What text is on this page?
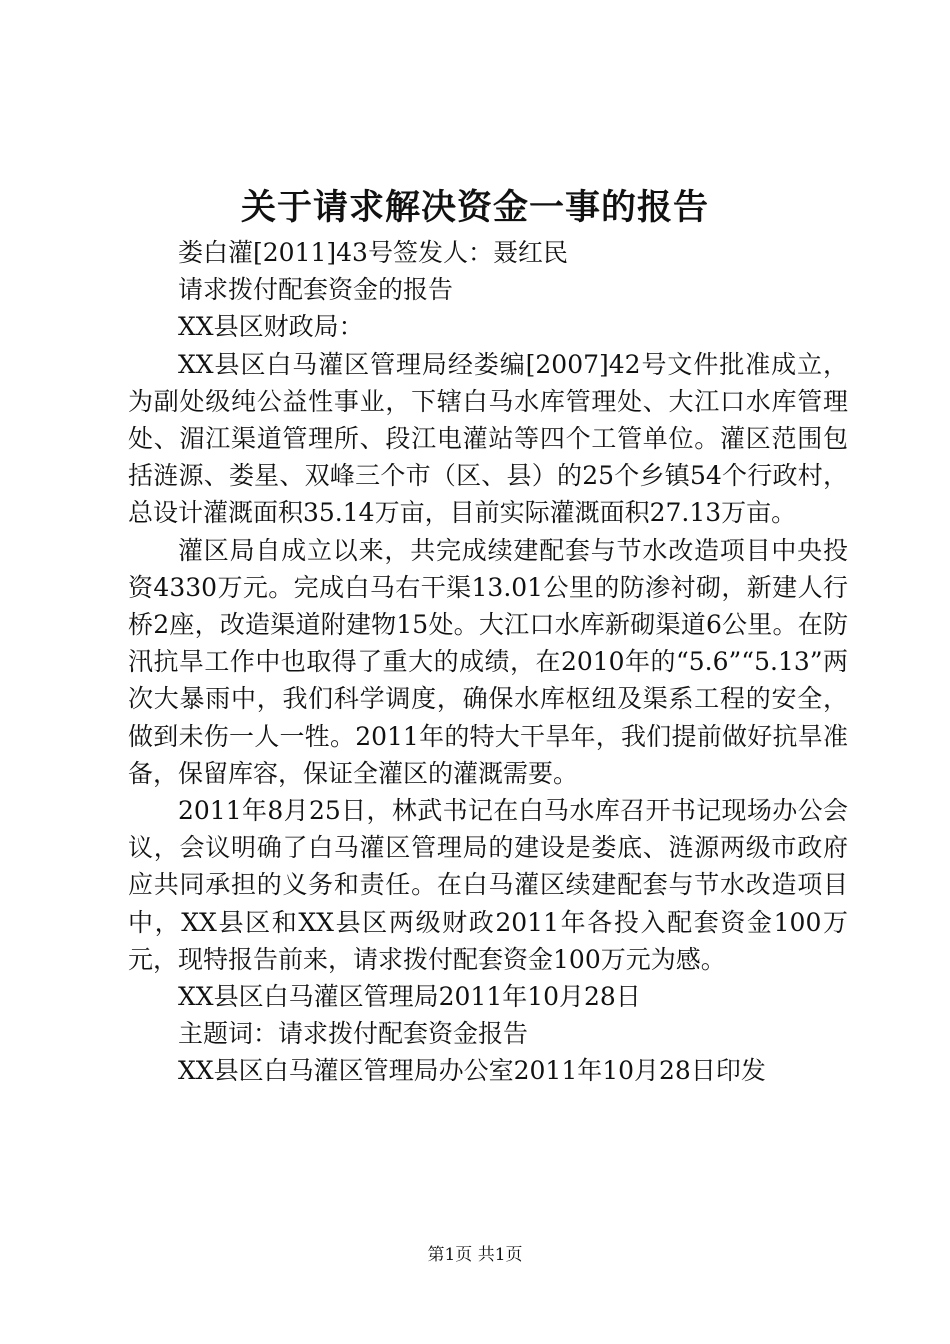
关于请求解决资金一事的报告

娄白灌[2011]43号签发人：聂红民

请求拨付配套资金的报告

XX县区财政局：

XX县区白马灌区管理局经娄编[2007]42号文件批准成立，为副处级纯公益性事业，下辖白马水库管理处、大江口水库管理处、湄江渠道管理所、段江电灌站等四个工管单位。灌区范围包括涟源、娄星、双峰三个市（区、县）的25个乡镇54个行政村，总设计灌溉面积35.14万亩，目前实际灌溉面积27.13万亩。

灌区局自成立以来，共完成续建配套与节水改造项目中央投资4330万元。完成白马右干渠13.01公里的防渗衬砌，新建人行桥2座，改造渠道附建物15处。大江口水库新砌渠道6公里。在防汛抗旱工作中也取得了重大的成绩，在2010年的“5.6”“5.13”两次大暴雨中，我们科学调度，确保水库枢纽及渠系工程的安全，做到未伤一人一牲。2011年的特大干旱年，我们提前做好抗旱准备，保留库容，保证全灌区的灌溉需要。

2011年8月25日，林武书记在白马水库召开书记现场办公会议，会议明确了白马灌区管理局的建设是娄底、涟源两级市政府应共同承担的义务和责任。在白马灌区续建配套与节水改造项目中，XX县区和XX县区两级财政2011年各投入配套资金100万元，现特报告前来，请求拨付配套资金100万元为感。

XX县区白马灌区管理局2011年10月28日

主题词：请求拨付配套资金报告

XX县区白马灌区管理局办公室2011年10月28日印发

第1页 共1页
